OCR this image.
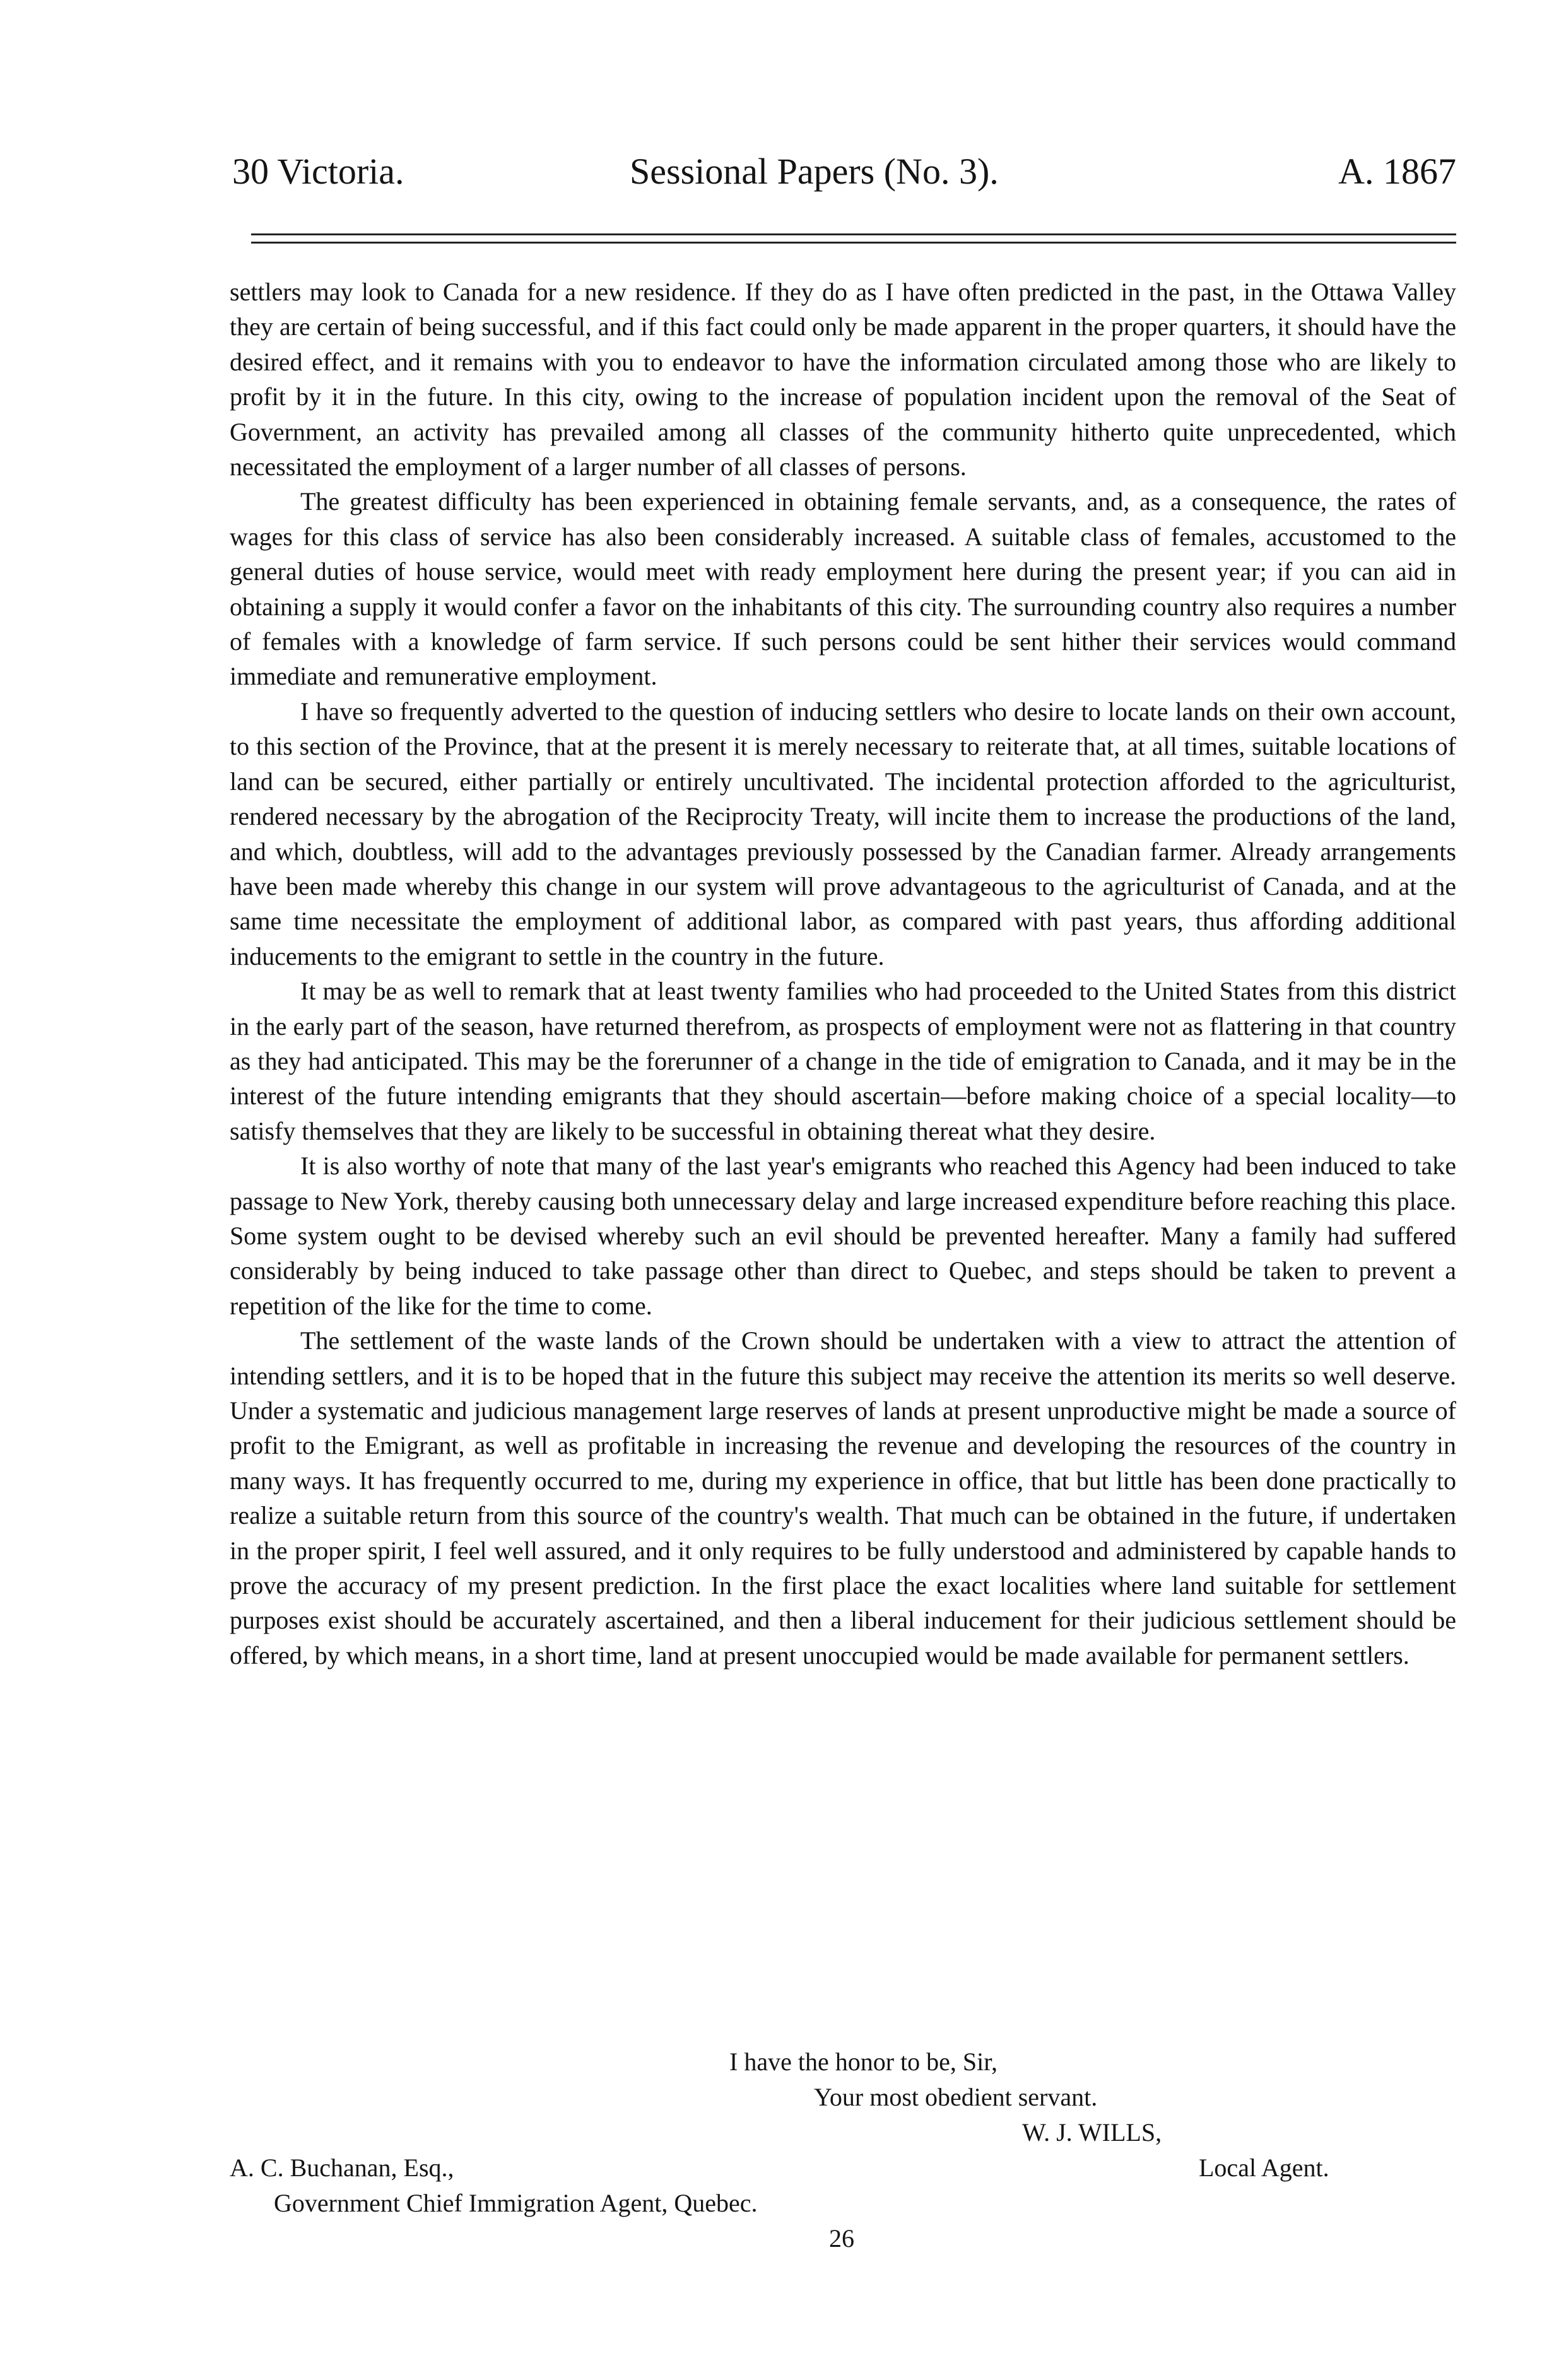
30 Victoria.	Sessional Papers (No. 3).	A. 1867

settlers may look to Canada for a new residence. If they do as I have often predicted in the past, in the Ottawa Valley they are certain of being successful, and if this fact could only be made apparent in the proper quarters, it should have the desired effect, and it remains with you to endeavor to have the information circulated among those who are likely to profit by it in the future. In this city, owing to the increase of population incident upon the removal of the Seat of Government, an activity has prevailed among all classes of the community hitherto quite unprecedented, which necessitated the employment of a larger number of all classes of persons.

The greatest difficulty has been experienced in obtaining female servants, and, as a consequence, the rates of wages for this class of service has also been considerably increased. A suitable class of females, accustomed to the general duties of house service, would meet with ready employment here during the present year; if you can aid in obtaining a supply it would confer a favor on the inhabitants of this city. The surrounding country also requires a number of females with a knowledge of farm service. If such persons could be sent hither their services would command immediate and remunerative employment.

I have so frequently adverted to the question of inducing settlers who desire to locate lands on their own account, to this section of the Province, that at the present it is merely necessary to reiterate that, at all times, suitable locations of land can be secured, either partially or entirely uncultivated. The incidental protection afforded to the agriculturist, rendered necessary by the abrogation of the Reciprocity Treaty, will incite them to increase the productions of the land, and which, doubtless, will add to the advantages previously possessed by the Canadian farmer. Already arrangements have been made whereby this change in our system will prove advantageous to the agriculturist of Canada, and at the same time necessitate the employment of additional labor, as compared with past years, thus affording additional inducements to the emigrant to settle in the country in the future.

It may be as well to remark that at least twenty families who had proceeded to the United States from this district in the early part of the season, have returned therefrom, as prospects of employment were not as flattering in that country as they had anticipated. This may be the forerunner of a change in the tide of emigration to Canada, and it may be in the interest of the future intending emigrants that they should ascertain—before making choice of a special locality—to satisfy themselves that they are likely to be successful in obtaining thereat what they desire.

It is also worthy of note that many of the last year's emigrants who reached this Agency had been induced to take passage to New York, thereby causing both unnecessary delay and large increased expenditure before reaching this place. Some system ought to be devised whereby such an evil should be prevented hereafter. Many a family had suffered considerably by being induced to take passage other than direct to Quebec, and steps should be taken to prevent a repetition of the like for the time to come.

The settlement of the waste lands of the Crown should be undertaken with a view to attract the attention of intending settlers, and it is to be hoped that in the future this subject may receive the attention its merits so well deserve. Under a systematic and judicious management large reserves of lands at present unproductive might be made a source of profit to the Emigrant, as well as profitable in increasing the revenue and developing the resources of the country in many ways. It has frequently occurred to me, during my experience in office, that but little has been done practically to realize a suitable return from this source of the country's wealth. That much can be obtained in the future, if undertaken in the proper spirit, I feel well assured, and it only requires to be fully understood and administered by capable hands to prove the accuracy of my present prediction. In the first place the exact localities where land suitable for settlement purposes exist should be accurately ascertained, and then a liberal inducement for their judicious settlement should be offered, by which means, in a short time, land at present unoccupied would be made available for permanent settlers.

I have the honor to be, Sir,
Your most obedient servant.
W. J. WILLS,
Local Agent.
A. C. Buchanan, Esq.,
Government Chief Immigration Agent, Quebec.
26
